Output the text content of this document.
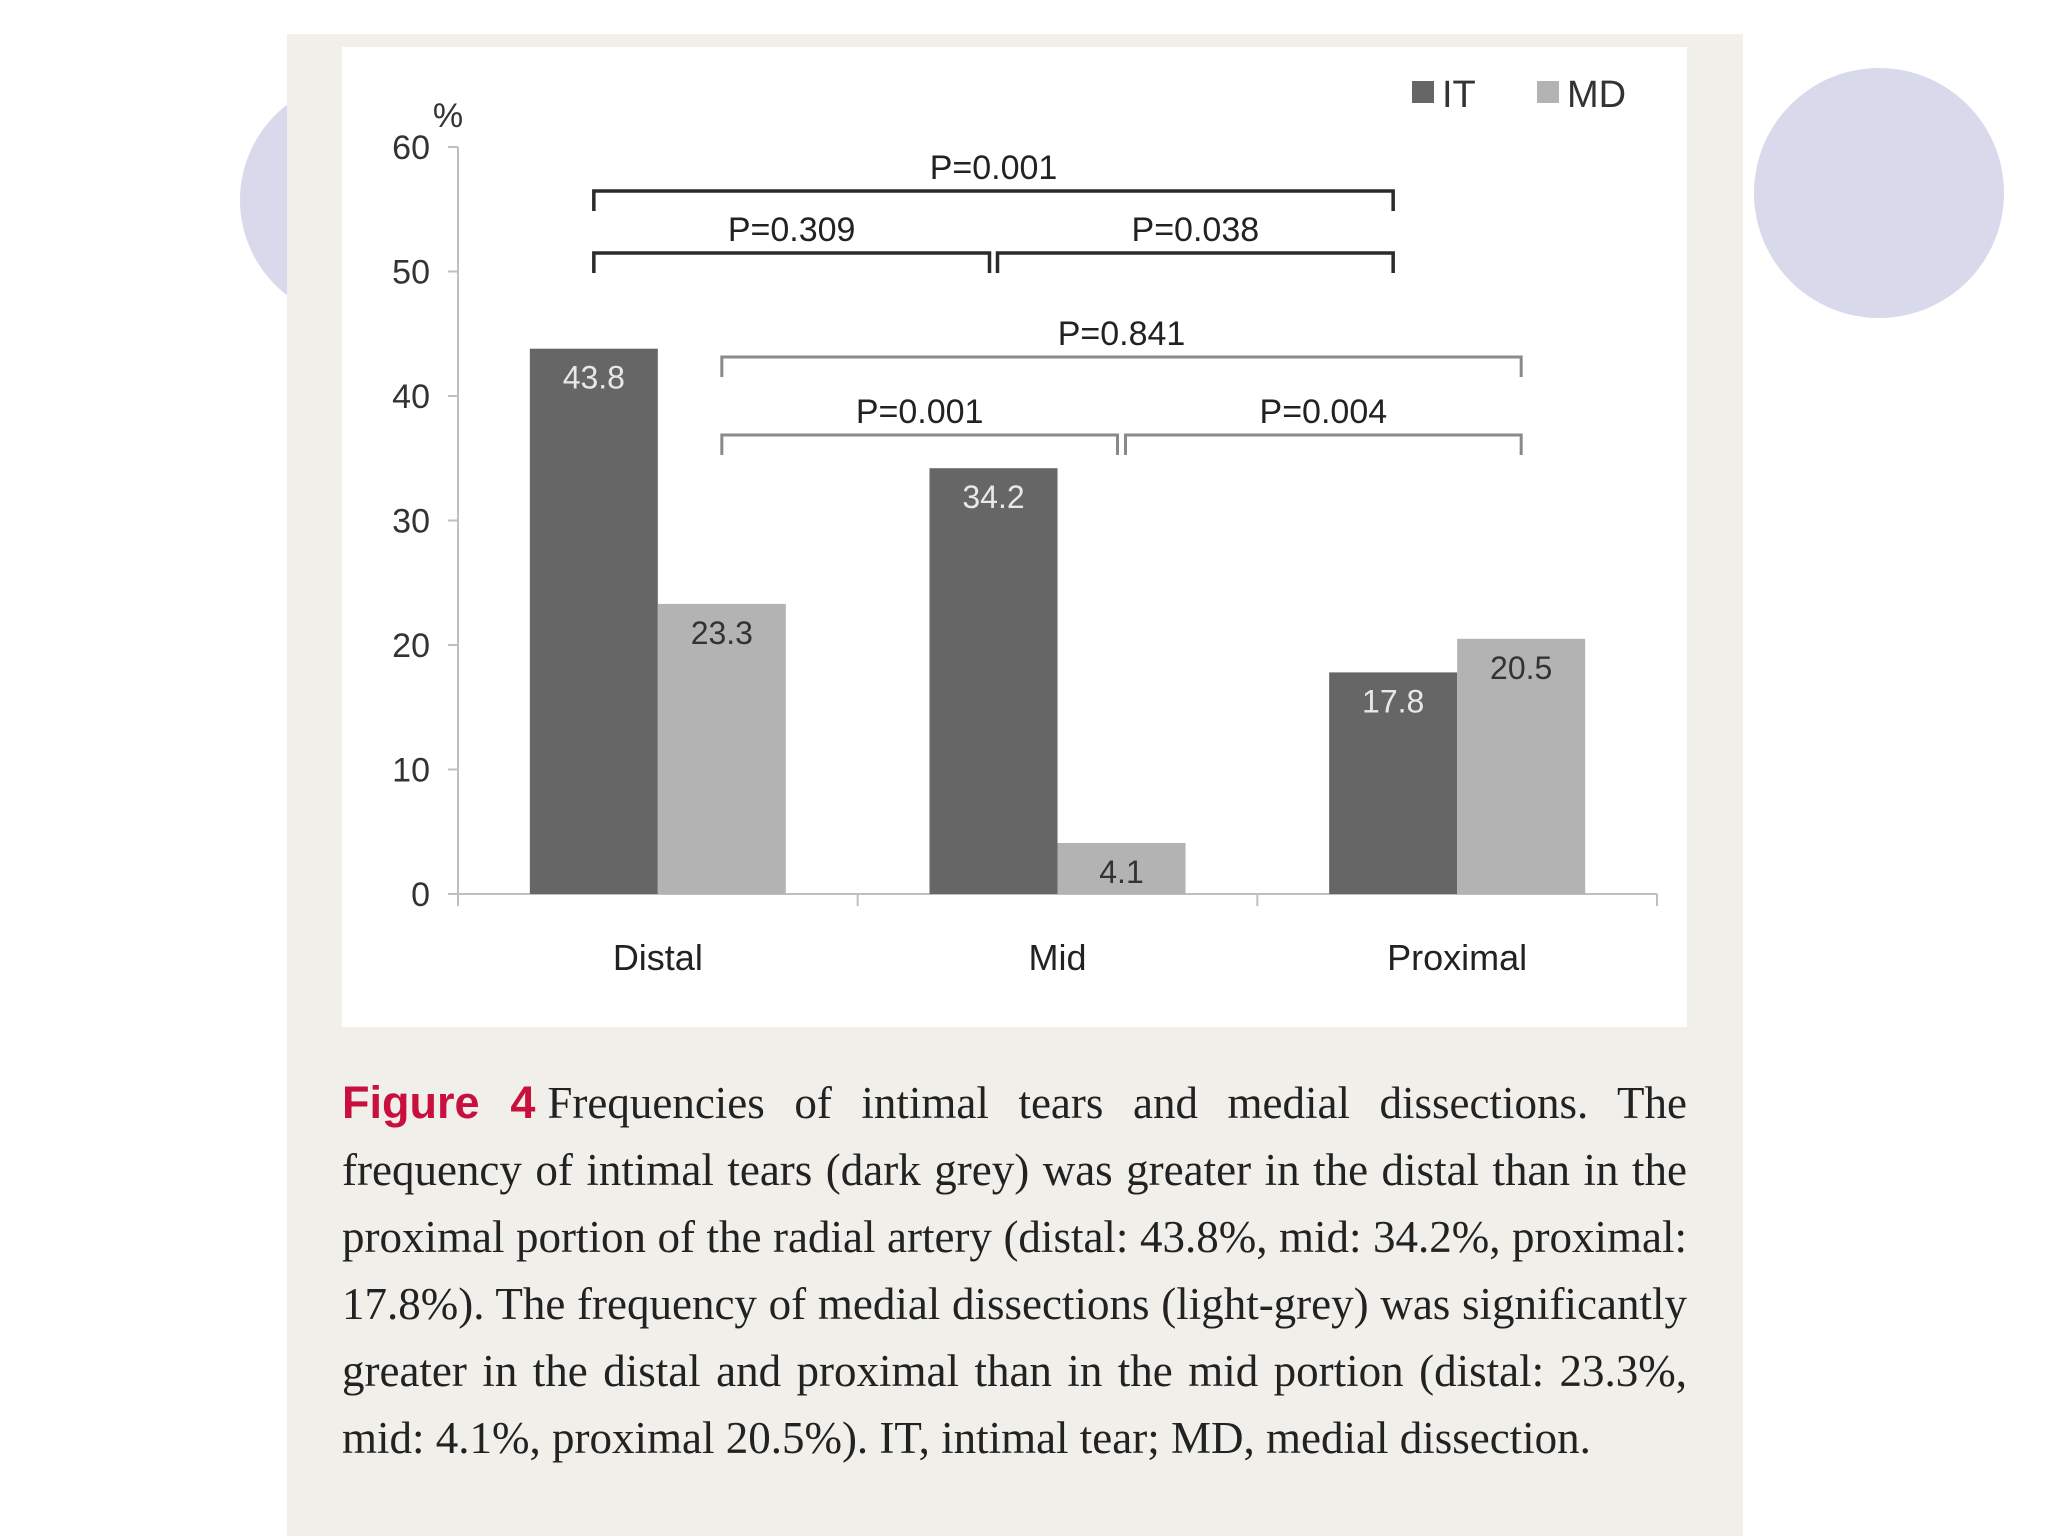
0
10
20
30
40
50
60
%
Distal	Mid	Proximal
43.8
34.2
17.8
23.3
4.1
20.5
IT MD
P=0.001
P=0.309	P=0.038
P=0.841
P=0.001	P=0.004

Figure 4 Frequencies of intimal tears and medial dissections. The frequency of intimal tears (dark grey) was greater in the distal than in the proximal portion of the radial artery (distal: 43.8%, mid: 34.2%, proximal: 17.8%). The frequency of medial dissections (light-grey) was significantly greater in the distal and proximal than in the mid portion (distal: 23.3%, mid: 4.1%, proximal 20.5%). IT, intimal tear; MD, medial dissection.
